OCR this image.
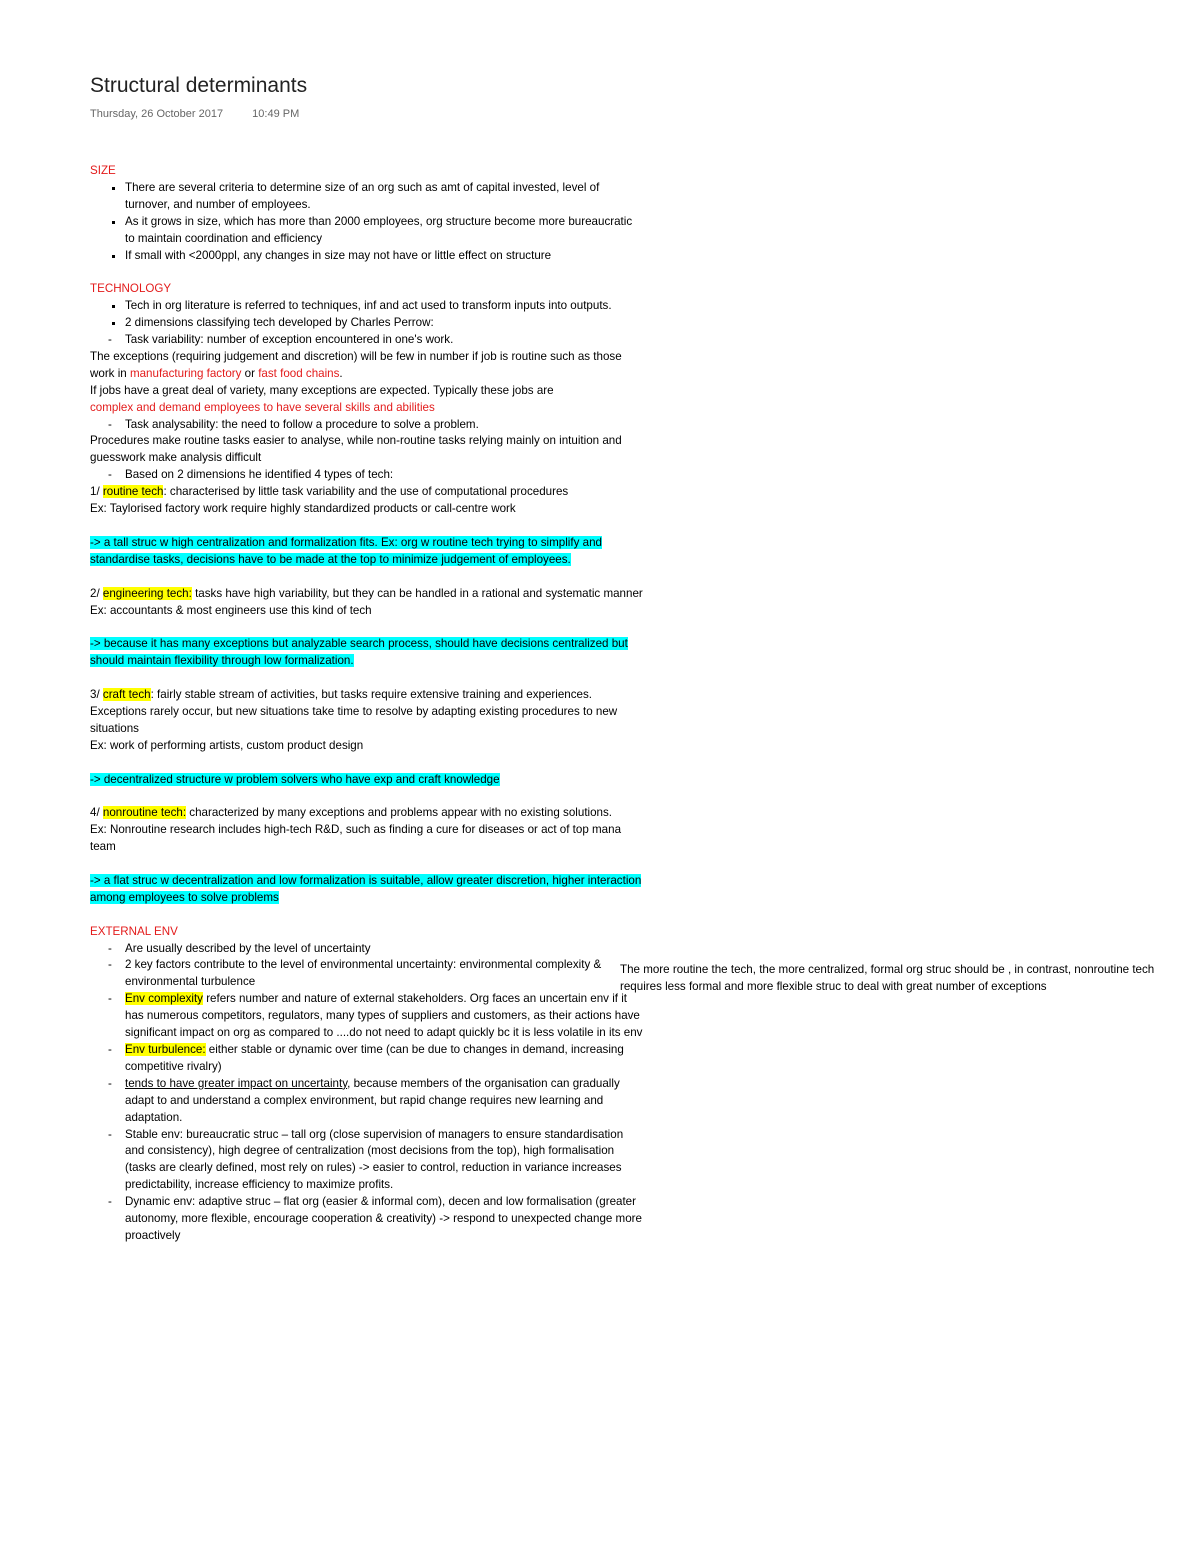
Structural determinants
Thursday, 26 October 2017	10:49 PM

SIZE

▪ There are several criteria to determine size of an org such as amt of capital invested, level of turnover, and number of employees.
▪ As it grows in size, which has more than 2000 employees, org structure become more bureaucratic to maintain coordination and efficiency
▪ If small with <2000ppl, any changes in size may not have or little effect on structure

TECHNOLOGY

▪ Tech in org literature is referred to techniques, inf and act used to transform inputs into outputs.
▪ 2 dimensions classifying tech developed by Charles Perrow:
- Task variability: number of exception encountered in one's work.

The exceptions (requiring judgement and discretion) will be few in number if job is routine such as those work in manufacturing factory or fast food chains.

If jobs have a great deal of variety, many exceptions are expected. Typically these jobs are

complex and demand employees to have several skills and abilities

- Task analysability: the need to follow a procedure to solve a problem.

Procedures make routine tasks easier to analyse, while non-routine tasks relying mainly on intuition and guesswork make analysis difficult

- Based on 2 dimensions he identified 4 types of tech:

1/ routine tech: characterised by little task variability and the use of computational procedures

Ex: Taylorised factory work require highly standardized products or call-centre work

-> a tall struc w high centralization and formalization fits. Ex: org w routine tech trying to simplify and standardise tasks, decisions have to be made at the top to minimize judgement of employees.

2/ engineering tech: tasks have high variability, but they can be handled in a rational and systematic manner

Ex: accountants & most engineers use this kind of tech

-> because it has many exceptions but analyzable search process, should have decisions centralized but should maintain flexibility through low formalization.

3/ craft tech: fairly stable stream of activities, but tasks require extensive training and experiences. Exceptions rarely occur, but new situations take time to resolve by adapting existing procedures to new situations

Ex: work of performing artists, custom product design

-> decentralized structure w problem solvers who have exp and craft knowledge

4/ nonroutine tech: characterized by many exceptions and problems appear with no existing solutions.

Ex: Nonroutine research includes high-tech R&D, such as finding a cure for diseases or act of top mana team

-> a flat struc w decentralization and low formalization is suitable, allow greater discretion, higher interaction among employees to solve problems

EXTERNAL ENV

- Are usually described by the level of uncertainty
- 2 key factors contribute to the level of environmental uncertainty: environmental complexity & environmental turbulence
- Env complexity refers number and nature of external stakeholders. Org faces an uncertain env if it has numerous competitors, regulators, many types of suppliers and customers, as their actions have significant impact on org as compared to ....do not need to adapt quickly bc it is less volatile in its env
- Env turbulence: either stable or dynamic over time (can be due to changes in demand, increasing competitive rivalry)
- tends to have greater impact on uncertainty, because members of the organisation can gradually adapt to and understand a complex environment, but rapid change requires new learning and adaptation.
- Stable env: bureaucratic struc – tall org (close supervision of managers to ensure standardisation and consistency), high degree of centralization (most decisions from the top), high formalisation (tasks are clearly defined, most rely on rules) -> easier to control, reduction in variance increases predictability, increase efficiency to maximize profits.
- Dynamic env: adaptive struc – flat org (easier & informal com), decen and low formalisation (greater autonomy, more flexible, encourage cooperation & creativity) -> respond to unexpected change more proactively
The more routine the tech, the more centralized, formal org struc should be , in contrast, nonroutine tech requires less formal and more flexible struc to deal with great number of exceptions
